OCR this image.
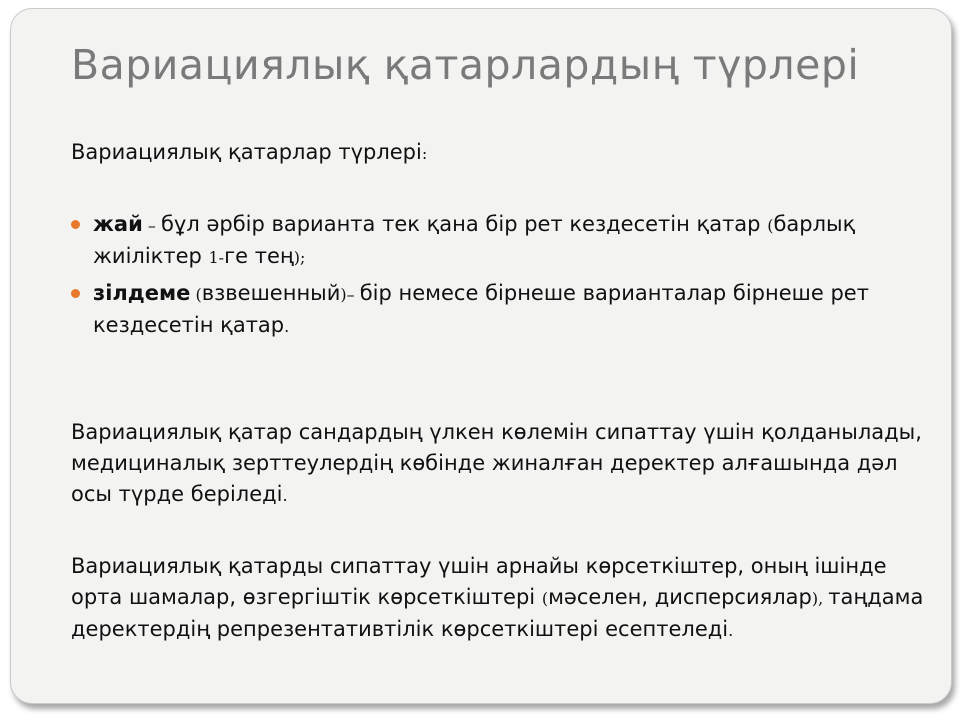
Вариациялық қатарлардың түрлері

Вариациялық қатарлар түрлері:

жай – бұл әрбір варианта тек қана бір рет кездесетін қатар (барлық жиіліктер 1-ге тең);
зілдеме (взвешенный)– бір немесе бірнеше варианталар бірнеше рет кездесетін қатар.

Вариациялық қатар сандардың үлкен көлемін сипаттау үшін қолданылады, медициналық зерттеулердің көбінде жиналған деректер алғашында дәл осы түрде беріледі.

Вариациялық қатарды сипаттау үшін арнайы көрсеткіштер, оның ішінде орта шамалар, өзгергіштік көрсеткіштері (мәселен, дисперсиялар), таңдама деректердің репрезентативтілік көрсеткіштері есептеледі.
